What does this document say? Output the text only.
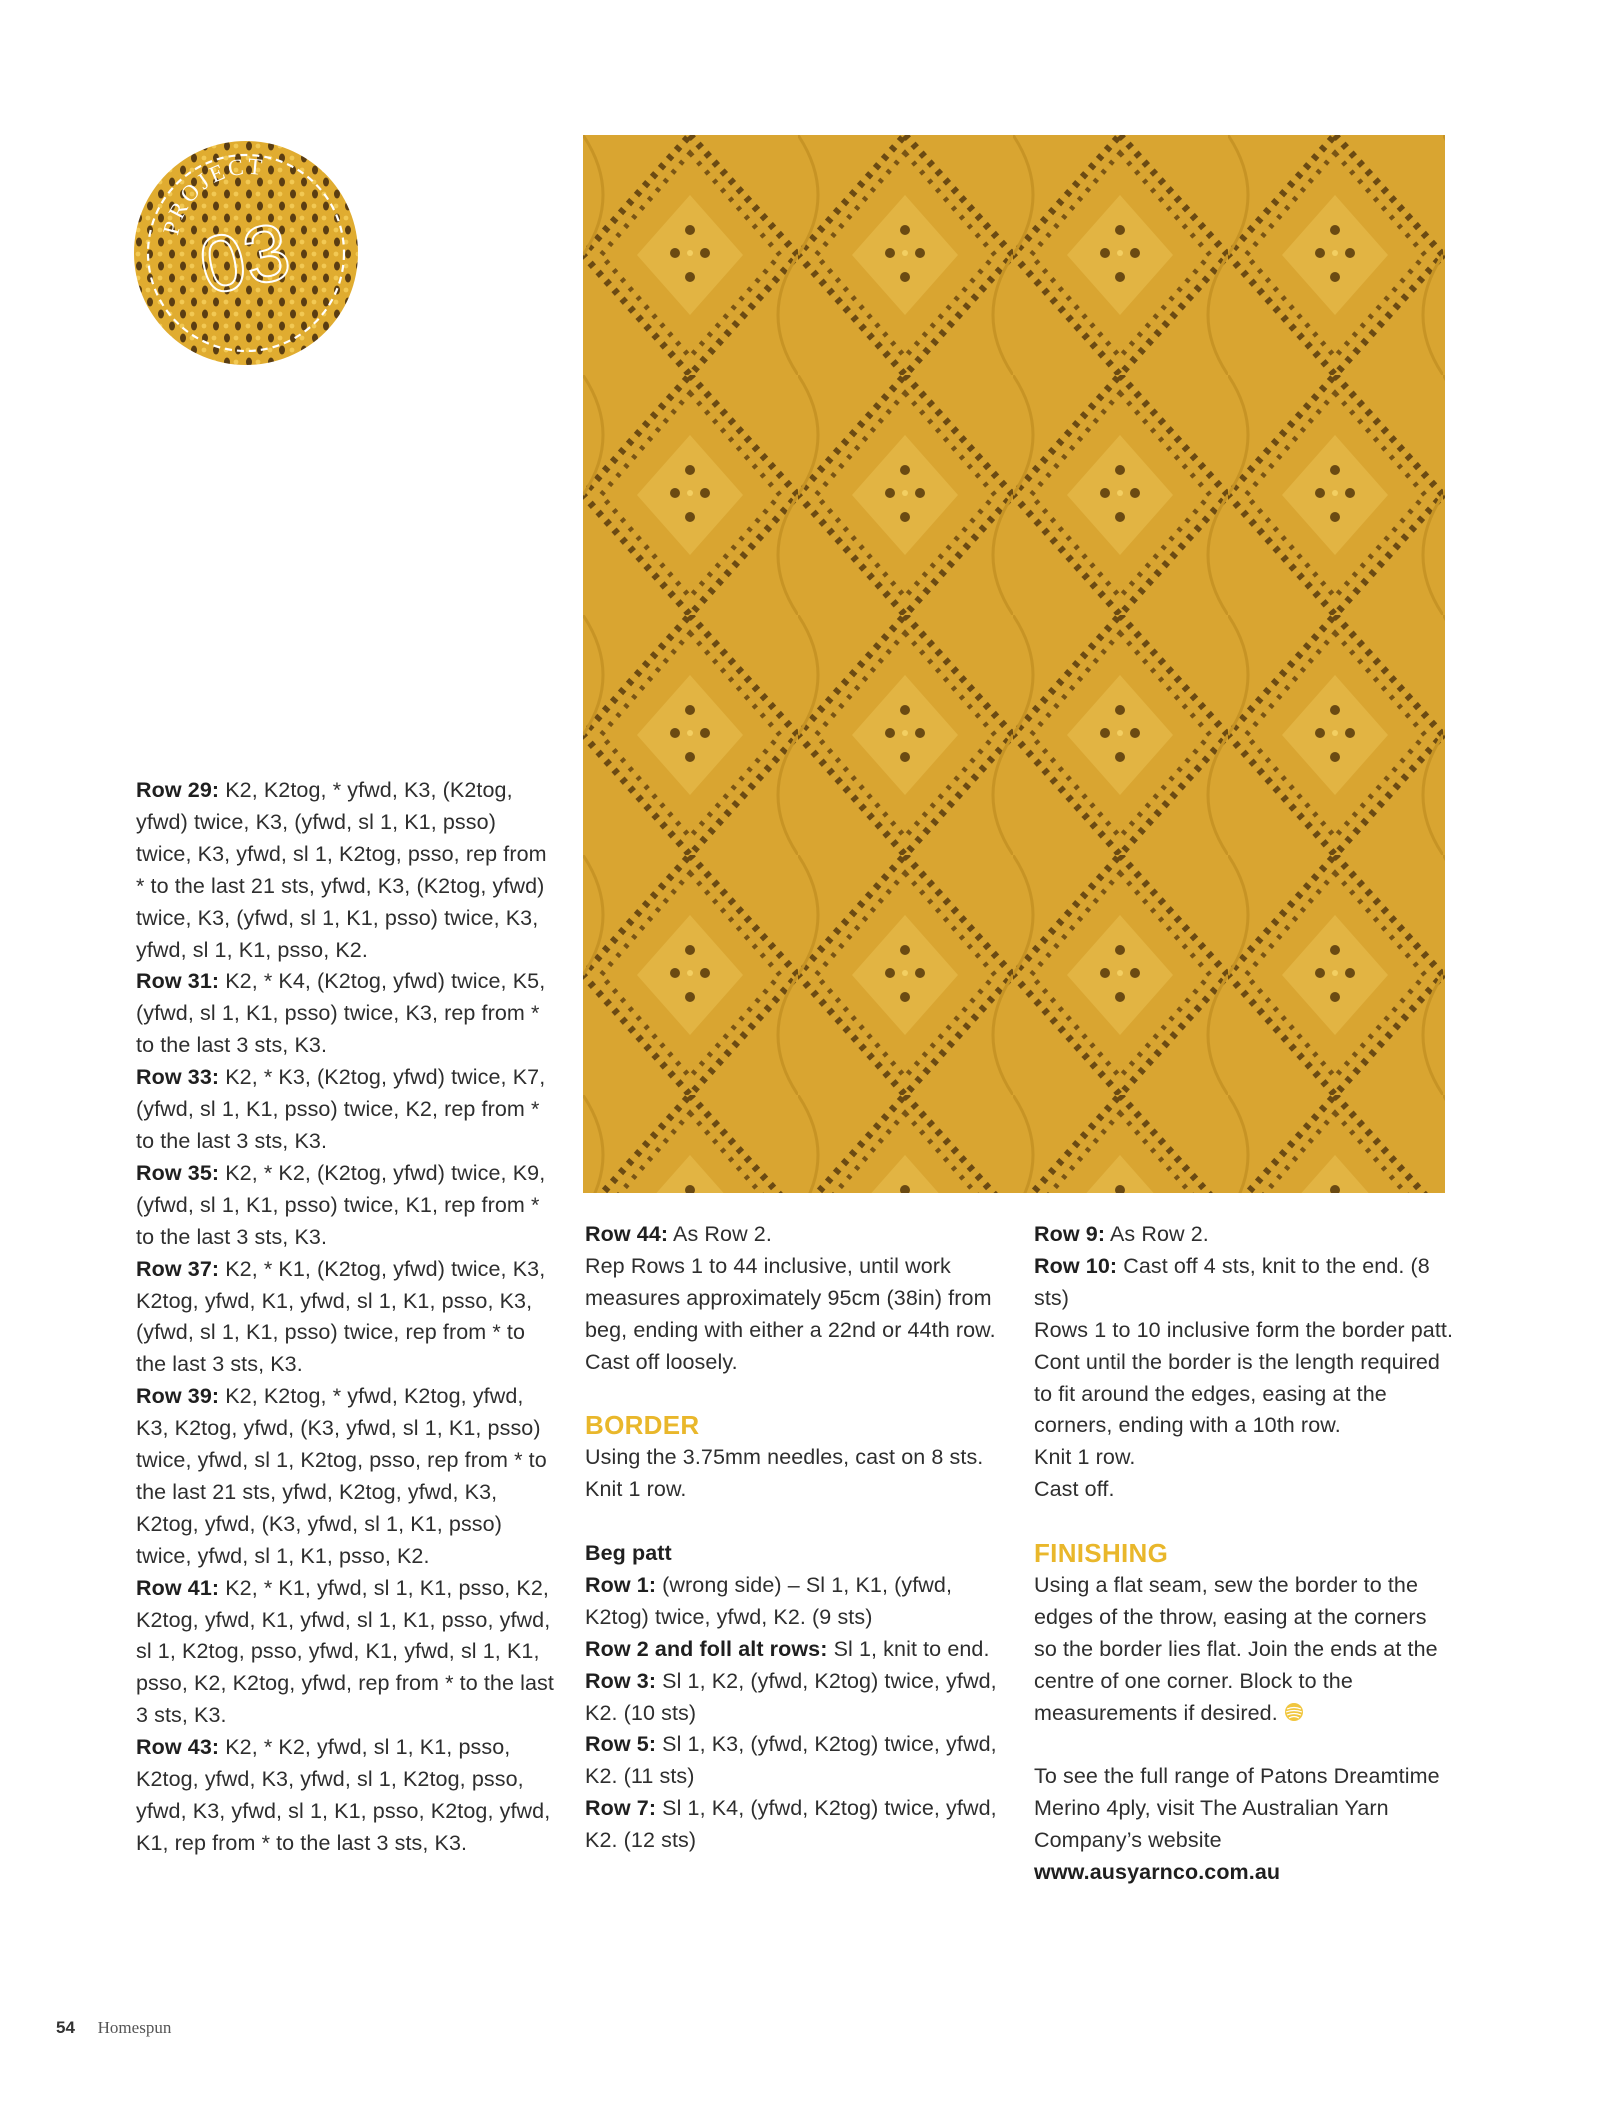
PROJECT
03

Row 29: K2, K2tog, * yfwd, K3, (K2tog, yfwd) twice, K3, (yfwd, sl 1, K1, psso) twice, K3, yfwd, sl 1, K2tog, psso, rep from * to the last 21 sts, yfwd, K3, (K2tog, yfwd) twice, K3, (yfwd, sl 1, K1, psso) twice, K3, yfwd, sl 1, K1, psso, K2.

Row 31: K2, * K4, (K2tog, yfwd) twice, K5, (yfwd, sl 1, K1, psso) twice, K3, rep from * to the last 3 sts, K3.

Row 33: K2, * K3, (K2tog, yfwd) twice, K7, (yfwd, sl 1, K1, psso) twice, K2, rep from * to the last 3 sts, K3.

Row 35: K2, * K2, (K2tog, yfwd) twice, K9, (yfwd, sl 1, K1, psso) twice, K1, rep from * to the last 3 sts, K3.

Row 37: K2, * K1, (K2tog, yfwd) twice, K3, K2tog, yfwd, K1, yfwd, sl 1, K1, psso, K3, (yfwd, sl 1, K1, psso) twice, rep from * to the last 3 sts, K3.

Row 39: K2, K2tog, * yfwd, K2tog, yfwd, K3, K2tog, yfwd, (K3, yfwd, sl 1, K1, psso) twice, yfwd, sl 1, K2tog, psso, rep from * to the last 21 sts, yfwd, K2tog, yfwd, K3, K2tog, yfwd, (K3, yfwd, sl 1, K1, psso) twice, yfwd, sl 1, K1, psso, K2.

Row 41: K2, * K1, yfwd, sl 1, K1, psso, K2, K2tog, yfwd, K1, yfwd, sl 1, K1, psso, yfwd, sl 1, K2tog, psso, yfwd, K1, yfwd, sl 1, K1, psso, K2, K2tog, yfwd, rep from * to the last 3 sts, K3.

Row 43: K2, * K2, yfwd, sl 1, K1, psso, K2tog, yfwd, K3, yfwd, sl 1, K2tog, psso, yfwd, K3, yfwd, sl 1, K1, psso, K2tog, yfwd, K1, rep from * to the last 3 sts, K3.

Row 44: As Row 2.

Rep Rows 1 to 44 inclusive, until work measures approximately 95cm (38in) from beg, ending with either a 22nd or 44th row.

Cast off loosely.

BORDER

Using the 3.75mm needles, cast on 8 sts.

Knit 1 row.

Beg patt

Row 1: (wrong side) – Sl 1, K1, (yfwd, K2tog) twice, yfwd, K2. (9 sts)

Row 2 and foll alt rows: Sl 1, knit to end.

Row 3: Sl 1, K2, (yfwd, K2tog) twice, yfwd, K2. (10 sts)

Row 5: Sl 1, K3, (yfwd, K2tog) twice, yfwd, K2. (11 sts)

Row 7: Sl 1, K4, (yfwd, K2tog) twice, yfwd, K2. (12 sts)

Row 9: As Row 2.

Row 10: Cast off 4 sts, knit to the end. (8 sts)

Rows 1 to 10 inclusive form the border patt.

Cont until the border is the length required to fit around the edges, easing at the corners, ending with a 10th row.

Knit 1 row.

Cast off.

FINISHING

Using a flat seam, sew the border to the edges of the throw, easing at the corners so the border lies flat. Join the ends at the centre of one corner. Block to the measurements if desired.

To see the full range of Patons Dreamtime Merino 4ply, visit The Australian Yarn Company’s website

www.ausyarnco.com.au

54 Homespun
